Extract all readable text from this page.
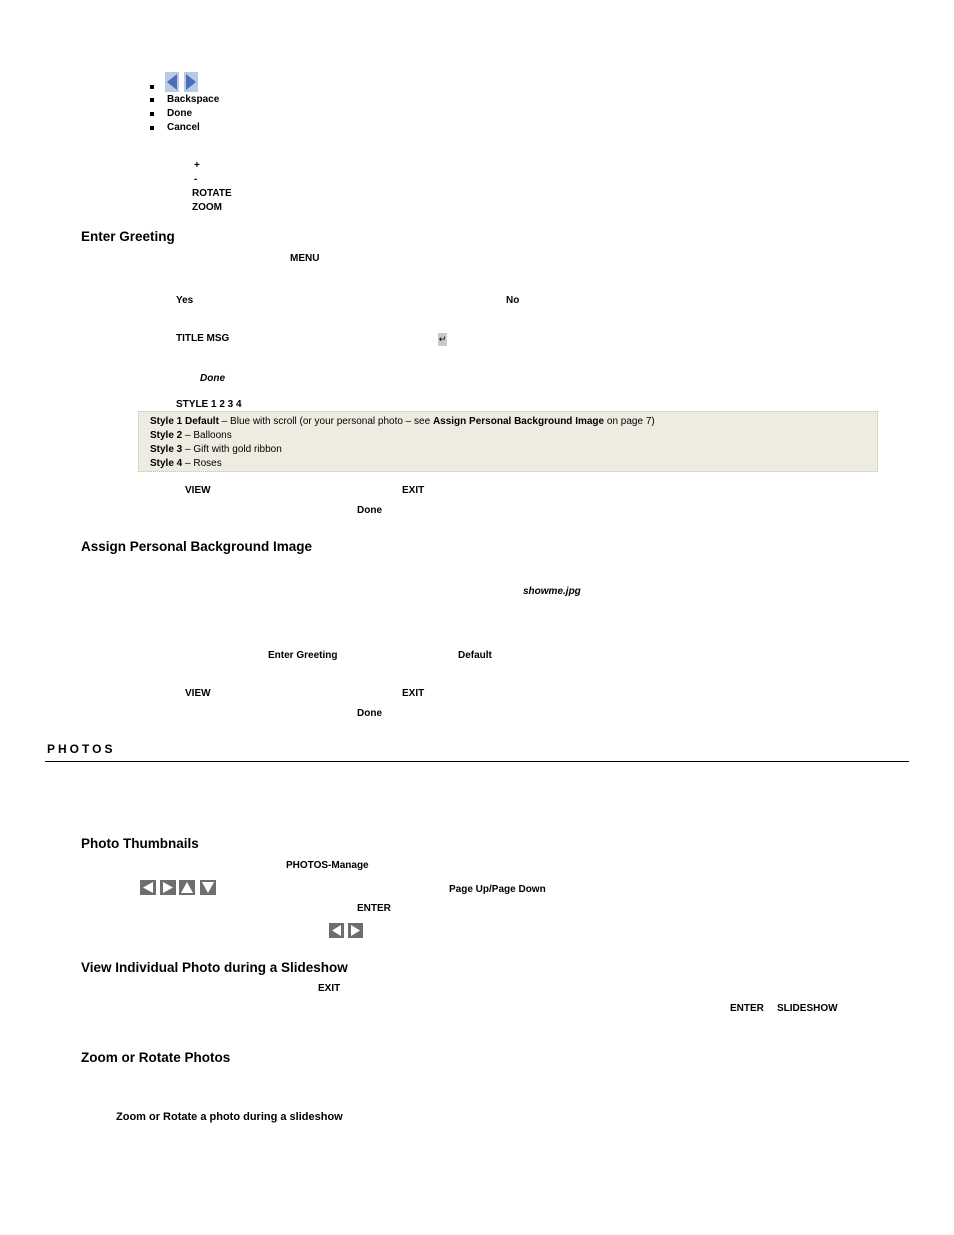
Backspace
Done
Cancel
+
-
ROTATE
ZOOM
Enter Greeting
MENU
Yes	No
TITLE MSG	↵
Done
STYLE 1 2 3 4
Style 1 Default – Blue with scroll (or your personal photo – see Assign Personal Background Image on page 7)
Style 2 – Balloons
Style 3 – Gift with gold ribbon
Style 4 – Roses
VIEW	EXIT
Done
Assign Personal Background Image
showme.jpg
Enter Greeting	Default
VIEW	EXIT
Done
PHOTOS
Photo Thumbnails
PHOTOS-Manage
Page Up/Page Down
ENTER
View Individual Photo during a Slideshow
EXIT
ENTER SLIDESHOW
Zoom or Rotate Photos
Zoom or Rotate a photo during a slideshow
